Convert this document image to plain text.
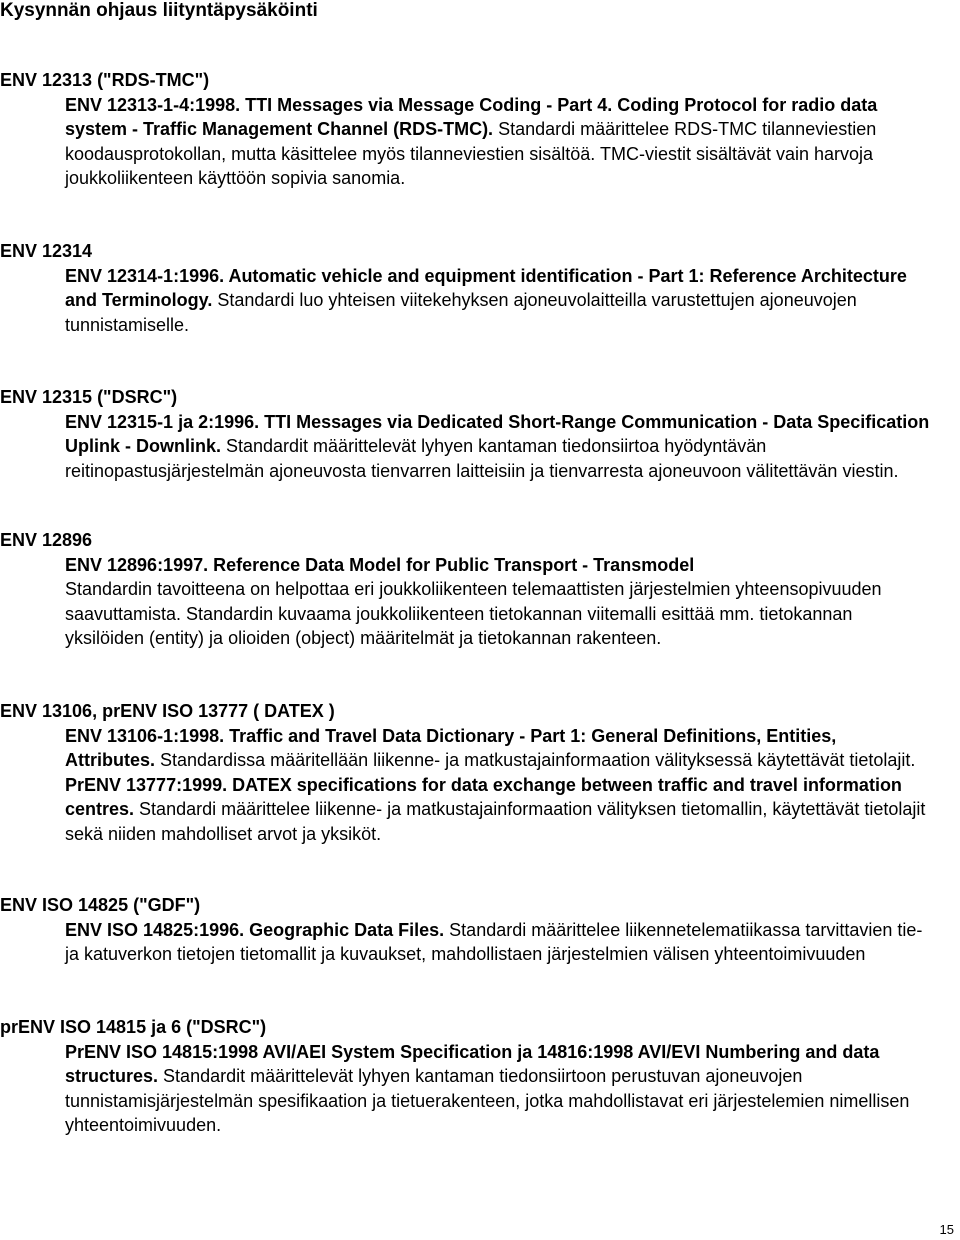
Kysynnän ohjaus liityntäpysäköinti
ENV 12313 ("RDS-TMC")
ENV 12313-1-4:1998. TTI Messages via Message Coding - Part 4. Coding Protocol for radio data system - Traffic Management Channel (RDS-TMC). Standardi määrittelee RDS-TMC tilanneviestien koodausprotokollan, mutta käsittelee myös tilanneviestien sisältöä. TMC-viestit sisältävät vain harvoja joukkoliikenteen käyttöön sopivia sanomia.
ENV 12314
ENV 12314-1:1996. Automatic vehicle and equipment identification - Part 1: Reference Architecture and Terminology. Standardi luo yhteisen viitekehyksen ajoneuvolaitteilla varustettujen ajoneuvojen tunnistamiselle.
ENV 12315 ("DSRC")
ENV 12315-1 ja 2:1996. TTI Messages via Dedicated Short-Range Communication - Data Specification Uplink - Downlink. Standardit määrittelevät lyhyen kantaman tiedonsiirtoa hyödyntävän reitinopastusjärjestelmän ajoneuvosta tienvarren laitteisiin ja tienvarresta ajoneuvoon välitettävän viestin.
ENV 12896
ENV 12896:1997. Reference Data Model for Public Transport - Transmodel
Standardin tavoitteena on helpottaa eri joukkoliikenteen telemaattisten järjestelmien yhteensopivuuden saavuttamista. Standardin kuvaama joukkoliikenteen tietokannan viitemalli esittää mm. tietokannan yksilöiden (entity) ja olioiden (object) määritelmät ja tietokannan rakenteen.
ENV 13106, prENV ISO 13777 ( DATEX )
ENV 13106-1:1998. Traffic and Travel Data Dictionary - Part 1: General Definitions, Entities, Attributes. Standardissa määritellään liikenne- ja matkustajainformaation välityksessä käytettävät tietolajit.
PrENV 13777:1999. DATEX specifications for data exchange between traffic and travel information centres. Standardi määrittelee liikenne- ja matkustajainformaation välityksen tietomallin, käytettävät tietolajit sekä niiden mahdolliset arvot ja yksiköt.
ENV ISO 14825 ("GDF")
ENV ISO 14825:1996. Geographic Data Files. Standardi määrittelee liikennetelematiikassa tarvittavien tie- ja katuverkon tietojen tietomallit ja kuvaukset, mahdollistaen järjestelmien välisen yhteentoimivuuden
prENV ISO 14815 ja 6 ("DSRC")
PrENV ISO 14815:1998 AVI/AEI System Specification ja 14816:1998 AVI/EVI Numbering and data structures. Standardit määrittelevät lyhyen kantaman tiedonsiirtoon perustuvan ajoneuvojen tunnistamisjärjestelmän spesifikaation ja tietuerakenteen, jotka mahdollistavat eri järjestelemien nimellisen yhteentoimivuuden.
15
